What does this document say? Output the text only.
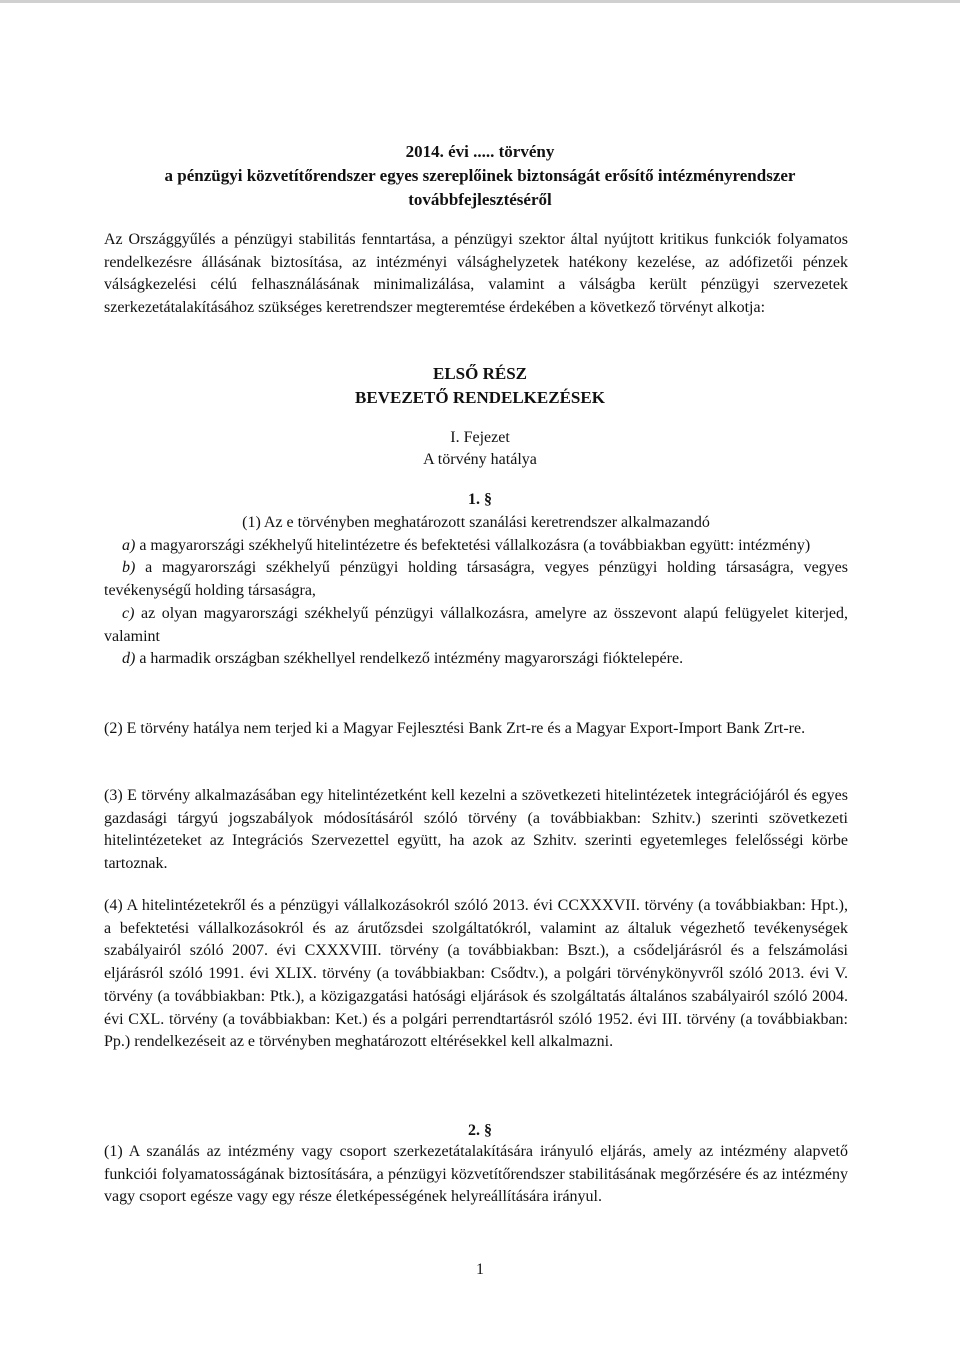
2014. évi ..... törvény
a pénzügyi közvetítőrendszer egyes szereplőinek biztonságát erősítő intézményrendszer
továbbfejlesztéséről

Az Országgyűlés a pénzügyi stabilitás fenntartása, a pénzügyi szektor által nyújtott kritikus funkciók folyamatos rendelkezésre állásának biztosítása, az intézményi válsághelyzetek hatékony kezelése, az adófizetői pénzek válságkezelési célú felhasználásának minimalizálása, valamint a válságba került pénzügyi szervezetek szerkezetátalakításához szükséges keretrendszer megteremtése érdekében a következő törvényt alkotja:

ELSŐ RÉSZ
BEVEZETŐ RENDELKEZÉSEK
I. Fejezet
A törvény hatálya
1. §

(1) Az e törvényben meghatározott szanálási keretrendszer alkalmazandó

a) a magyarországi székhelyű hitelintézetre és befektetési vállalkozásra (a továbbiakban együtt: intézmény)

b) a magyarországi székhelyű pénzügyi holding társaságra, vegyes pénzügyi holding társaságra, vegyes tevékenységű holding társaságra,

c) az olyan magyarországi székhelyű pénzügyi vállalkozásra, amelyre az összevont alapú felügyelet kiterjed, valamint

d) a harmadik országban székhellyel rendelkező intézmény magyarországi fióktelepére.

(2) E törvény hatálya nem terjed ki a Magyar Fejlesztési Bank Zrt-re és a Magyar Export-Import Bank Zrt-re.

(3) E törvény alkalmazásában egy hitelintézetként kell kezelni a szövetkezeti hitelintézetek integrációjáról és egyes gazdasági tárgyú jogszabályok módosításáról szóló törvény (a továbbiakban: Szhitv.) szerinti szövetkezeti hitelintézeteket az Integrációs Szervezettel együtt, ha azok az Szhitv. szerinti egyetemleges felelősségi körbe tartoznak.

(4) A hitelintézetekről és a pénzügyi vállalkozásokról szóló 2013. évi CCXXXVII. törvény (a továbbiakban: Hpt.), a befektetési vállalkozásokról és az árutőzsdei szolgáltatókról, valamint az általuk végezhető tevékenységek szabályairól szóló 2007. évi CXXXVIII. törvény (a továbbiakban: Bszt.), a csődeljárásról és a felszámolási eljárásról szóló 1991. évi XLIX. törvény (a továbbiakban: Csődtv.), a polgári törvénykönyvről szóló 2013. évi V. törvény (a továbbiakban: Ptk.), a közigazgatási hatósági eljárások és szolgáltatás általános szabályairól szóló 2004. évi CXL. törvény (a továbbiakban: Ket.) és a polgári perrendtartásról szóló 1952. évi III. törvény (a továbbiakban: Pp.) rendelkezéseit az e törvényben meghatározott eltérésekkel kell alkalmazni.

2. §

(1) A szanálás az intézmény vagy csoport szerkezetátalakítására irányuló eljárás, amely az intézmény alapvető funkciói folyamatosságának biztosítására, a pénzügyi közvetítőrendszer stabilitásának megőrzésére és az intézmény vagy csoport egésze vagy egy része életképességének helyreállítására irányul.

1
